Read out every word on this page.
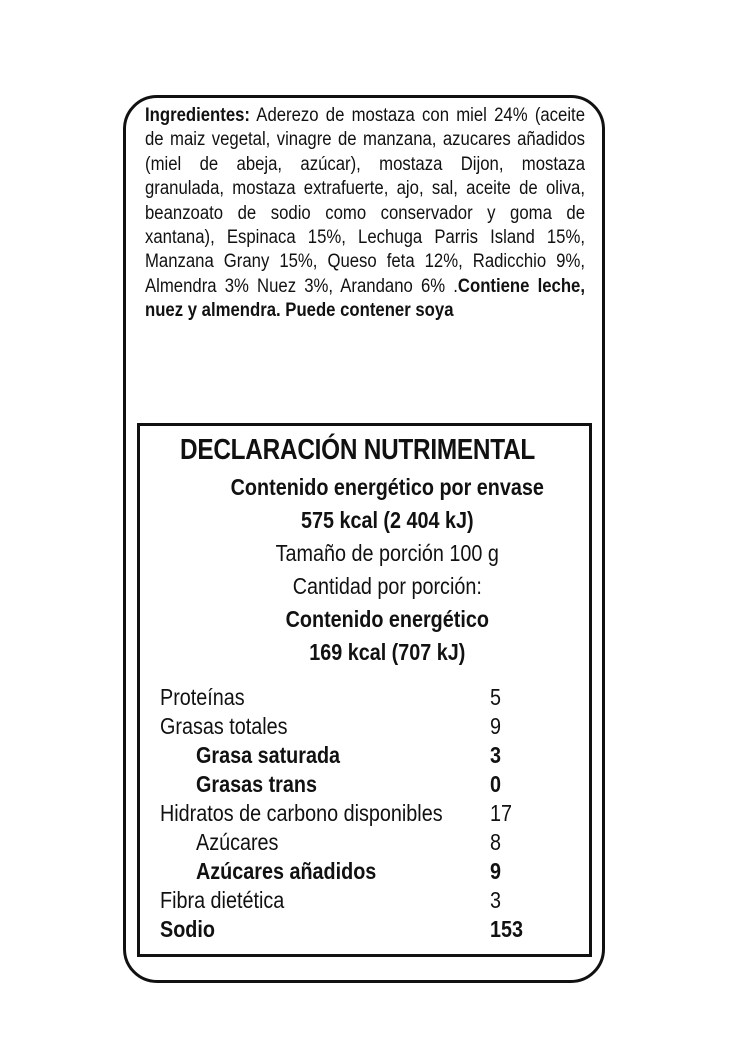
Ingredientes: Aderezo de mostaza con miel 24% (aceite de maiz vegetal, vinagre de manzana, azucares añadidos (miel de abeja, azúcar), mostaza Dijon, mostaza granulada, mostaza extrafuerte, ajo, sal, aceite de oliva, beanzoato de sodio como conservador y goma de xantana), Espinaca 15%, Lechuga Parris Island 15%, Manzana Grany 15%, Queso feta 12%, Radicchio 9%, Almendra 3% Nuez 3%, Arandano 6% .Contiene leche, nuez y almendra. Puede contener soya
DECLARACIÓN NUTRIMENTAL
Contenido energético por envase
575 kcal (2 404 kJ)
Tamaño de porción 100 g
Cantidad por porción:
Contenido energético
169 kcal (707 kJ)
Proteínas	5
Grasas totales	9
Grasa saturada	3
Grasas trans	0
Hidratos de carbono disponibles 17
Azúcares	8
Azúcares añadidos	9
Fibra dietética	3
Sodio	153
